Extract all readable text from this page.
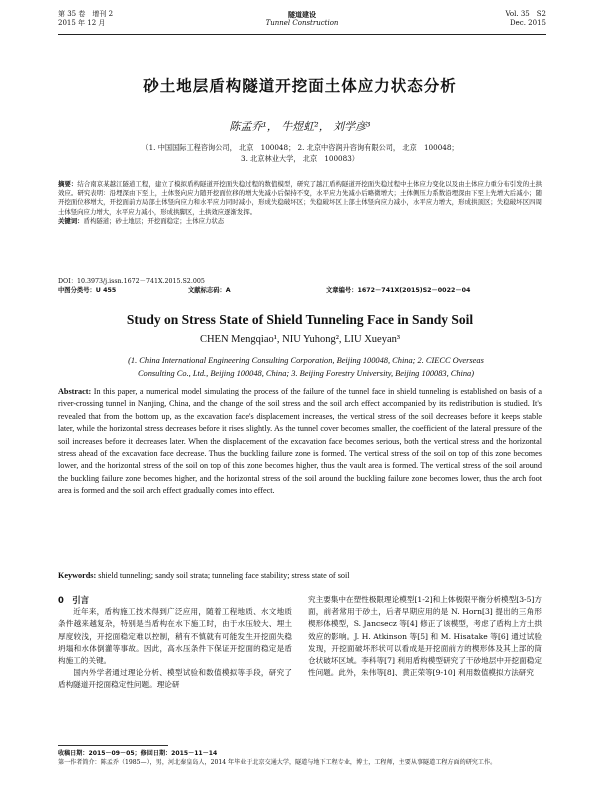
第 35 卷　增刊 2
2015 年 12 月
隧道建设
Tunnel Construction
Vol. 35　S2
Dec. 2015
砂土地层盾构隧道开挖面土体应力状态分析
陈孟乔¹， 牛煜虹²， 刘学彦³
（1. 中国国际工程咨询公司， 北京　100048； 2. 北京中咨润升咨询有限公司， 北京　100048；
3. 北京林业大学， 北京　100083）
摘要：结合南京某越江隧道工程，建立了模拟盾构隧道开挖面失稳过程的数值模型，研究了越江盾构隧道开挖面失稳过程中土体应力变化以及由土体应力重分布引发的土拱效应。研究表明：沿埋深由下至上，土体竖向应力随开挖面位移的增大先减小后保持不变，水平应力先减小后略微增大；土体侧压力系数沿埋深由下至上先增大后减小；随开挖面位移增大，开挖面前方局部土体竖向应力和水平应力同时减小，形成失稳破坏区；失稳破坏区上部土体竖向应力减小，水平应力增大，形成拱顶区；失稳破坏区四周土体竖向应力增大，水平应力减小，形成拱脚区，土拱效应逐渐发挥。
关键词：盾构隧道；砂土地层；开挖面稳定；土体应力状态
DOI：10.3973/j.issn.1672－741X.2015.S2.005
中图分类号：U 455	文献标志码：A	文章编号：1672－741X(2015)S2－0022－04
Study on Stress State of Shield Tunneling Face in Sandy Soil
CHEN Mengqiao¹, NIU Yuhong², LIU Xueyan³
(1. China International Engineering Consulting Corporation, Beijing 100048, China; 2. CIECC Overseas
Consulting Co., Ltd., Beijing 100048, China; 3. Beijing Forestry University, Beijing 100083, China)
Abstract: In this paper, a numerical model simulating the process of the failure of the tunnel face in shield tunneling is established on basis of a river-crossing tunnel in Nanjing, China, and the change of the soil stress and the soil arch effect accompanied by its redistribution is studied. It's revealed that from the bottom up, as the excavation face's displacement increases, the vertical stress of the soil decreases before it keeps stable later, while the horizontal stress decreases before it rises slightly. As the tunnel cover becomes smaller, the coefficient of the lateral pressure of the soil increases before it decreases later. When the displacement of the excavation face becomes serious, both the vertical stress and the horizontal stress ahead of the excavation face decrease. Thus the buckling failure zone is formed. The vertical stress of the soil on top of this zone becomes lower, and the horizontal stress of the soil on top of this zone becomes higher, thus the vault area is formed. The vertical stress of the soil around the buckling failure zone becomes higher, and the horizontal stress of the soil around the buckling failure zone becomes lower, thus the arch foot area is formed and the soil arch effect gradually comes into effect.
Keywords: shield tunneling; sandy soil strata; tunneling face stability; stress state of soil

0　引言

近年来，盾构施工技术得到广泛应用，随着工程地质、水文地质条件越来越复杂，特别是当盾构在水下施工时，由于水压较大、埋土厚度较浅，开挖面稳定难以控制，稍有不慎就有可能发生开挖面失稳坍塌和水体倒灌等事故。因此，高水压条件下保证开挖面的稳定是盾构施工的关键。

国内外学者通过理论分析、模型试验和数值模拟等手段，研究了盾构隧道开挖面稳定性问题。理论研

究主要集中在塑性极限理论模型[1-2]和上体极限平衡分析模型[3-5]方面，前者常用于砂土，后者早期应用的是 N. Horn[3] 提出的三角形楔形体模型，S. Jancsecz 等[4] 修正了该模型，考虑了盾构上方土拱效应的影响。J. H. Atkinson 等[5] 和 M. Hisatake 等[6] 通过试验发现，开挖面破坏形状可以看成是开挖面前方的楔形体及其上部的筒仓状破坏区域。李科等[7] 利用盾构模型研究了干砂地层中开挖面稳定性问题。此外，朱伟等[8]、黄正荣等[9-10] 利用数值模拟方法研究

收稿日期：2015－09－05；修回日期：2015－11－14
第一作者简介：陈孟乔（1985—），男，河北秦皇岛人，2014 年毕业于北京交通大学，隧道与地下工程专业，博士，工程师，主要从事隧道工程方面的研究工作。
